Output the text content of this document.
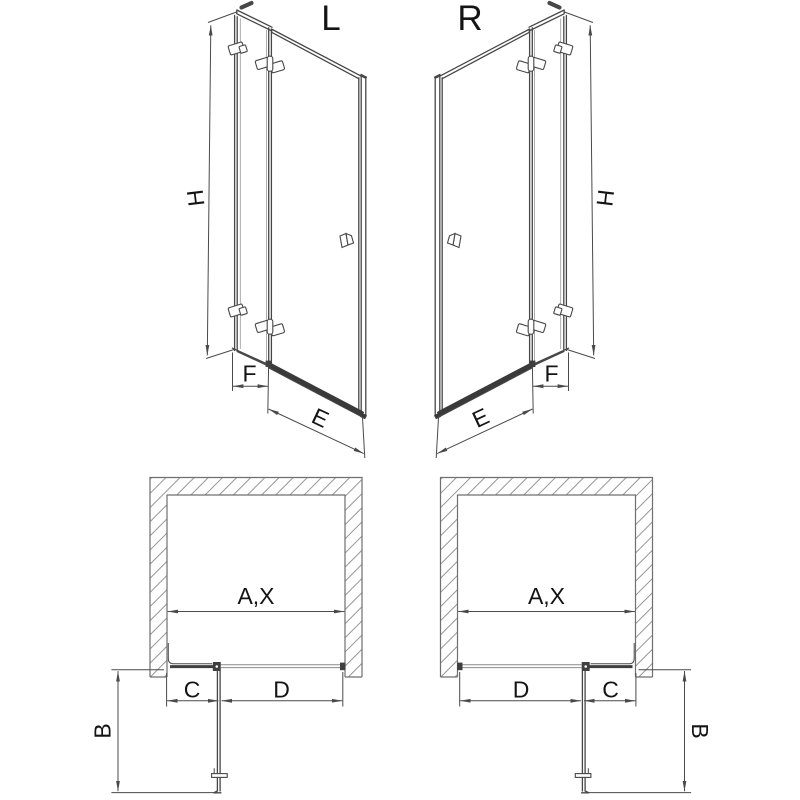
L	R
H	H
F	F
E	E
A,X	A,X
C	D	D	C
B	B
